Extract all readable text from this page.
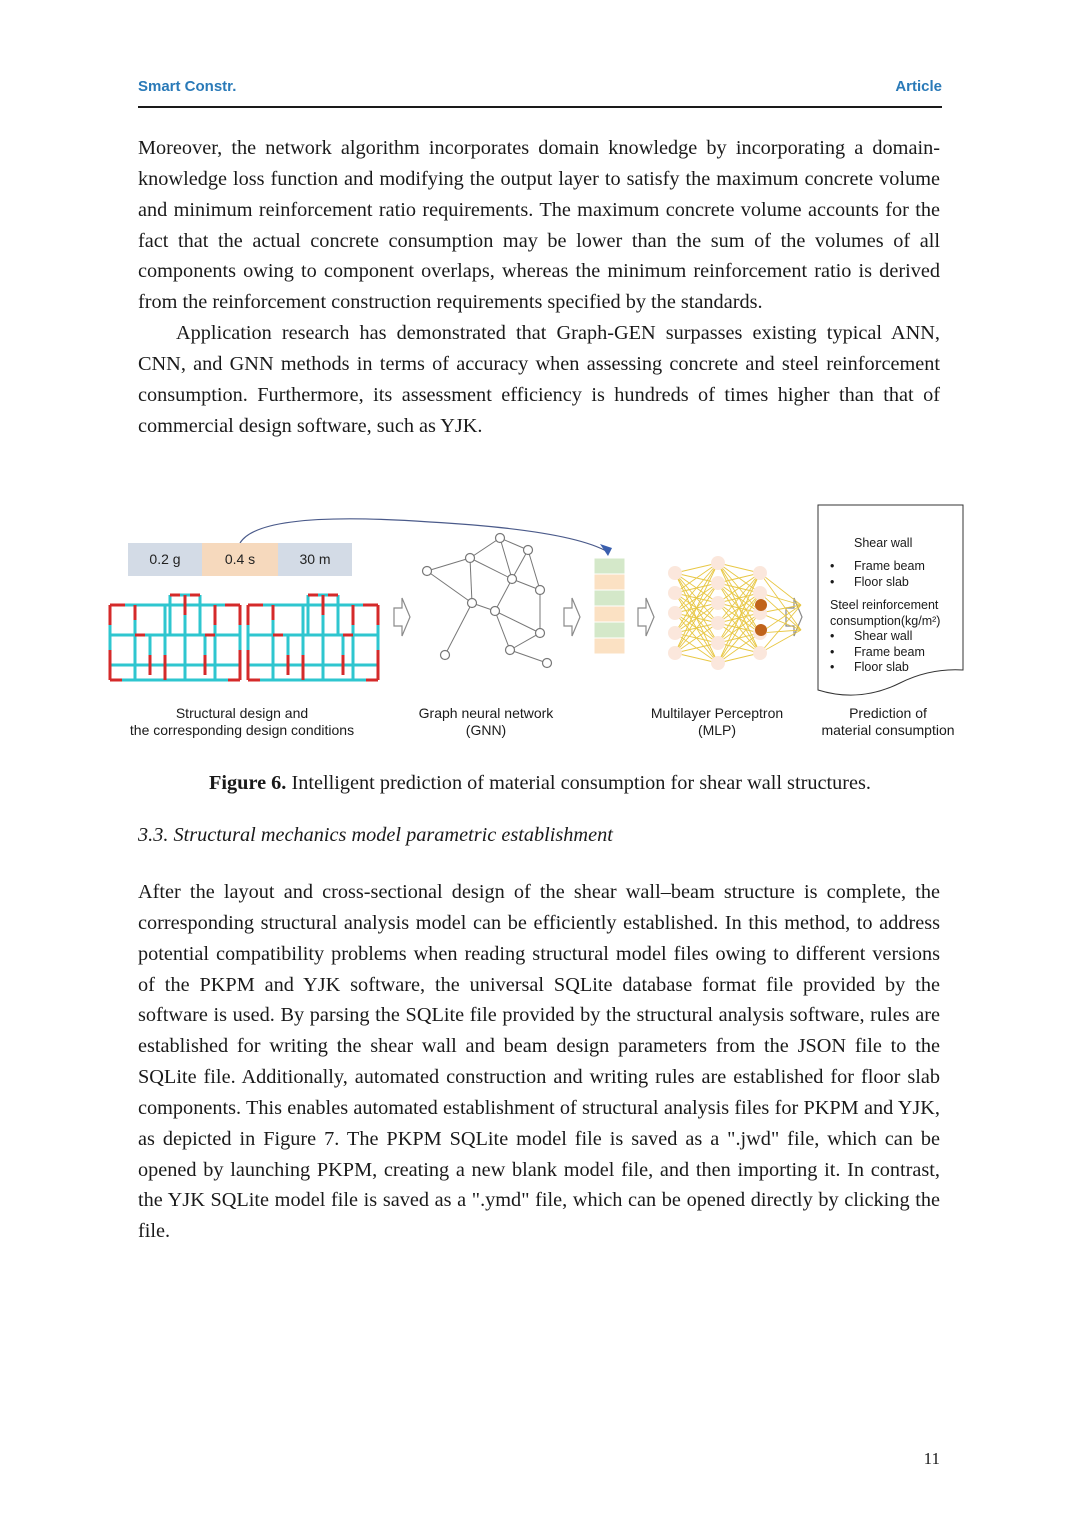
Smart Constr.	Article

Moreover, the network algorithm incorporates domain knowledge by incorporating a domain-knowledge loss function and modifying the output layer to satisfy the maximum concrete volume and minimum reinforcement ratio requirements. The maximum concrete volume accounts for the fact that the actual concrete consumption may be lower than the sum of the volumes of all components owing to component overlaps, whereas the minimum reinforcement ratio is derived from the reinforcement construction requirements specified by the standards.

Application research has demonstrated that Graph-GEN surpasses existing typical ANN, CNN, and GNN methods in terms of accuracy when assessing concrete and steel reinforcement consumption. Furthermore, its assessment efficiency is hundreds of times higher than that of commercial design software, such as YJK.

0.2 g	0.4 s	30 m
Shear wall
• Frame beam
• Floor slab
Steel reinforcement
consumption(kg/m²)
• Shear wall
• Frame beam
• Floor slab
Structural design and
the corresponding design conditions
Graph neural network
(GNN)
Multilayer Perceptron
(MLP)
Prediction of
material consumption
Figure 6. Intelligent prediction of material consumption for shear wall structures.
3.3. Structural mechanics model parametric establishment

After the layout and cross-sectional design of the shear wall–beam structure is complete, the corresponding structural analysis model can be efficiently established. In this method, to address potential compatibility problems when reading structural model files owing to different versions of the PKPM and YJK software, the universal SQLite database format file provided by the software is used. By parsing the SQLite file provided by the structural analysis software, rules are established for writing the shear wall and beam design parameters from the JSON file to the SQLite file. Additionally, automated construction and writing rules are established for floor slab components. This enables automated establishment of structural analysis files for PKPM and YJK, as depicted in Figure 7. The PKPM SQLite model file is saved as a ".jwd" file, which can be opened by launching PKPM, creating a new blank model file, and then importing it. In contrast, the YJK SQLite model file is saved as a ".ymd" file, which can be opened directly by clicking the file.

11
